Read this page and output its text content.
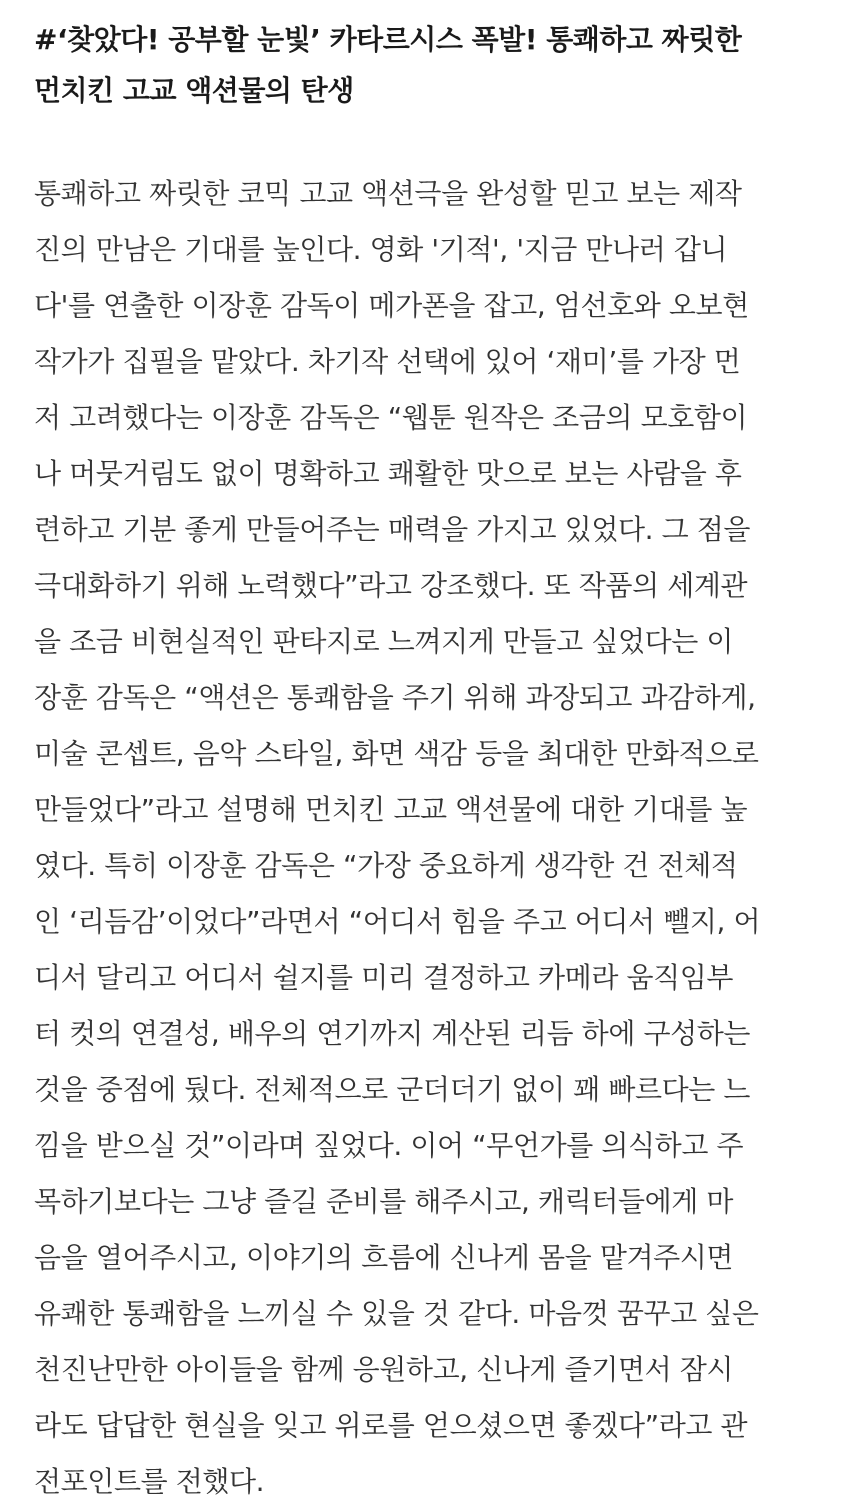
#‘찾았다! 공부할 눈빛’ 카타르시스 폭발! 통쾌하고 짜릿한
먼치킨 고교 액션물의 탄생
통쾌하고 짜릿한 코믹 고교 액션극을 완성할 믿고 보는 제작
진의 만남은 기대를 높인다. 영화 '기적', '지금 만나러 갑니
다'를 연출한 이장훈 감독이 메가폰을 잡고, 엄선호와 오보현
작가가 집필을 맡았다. 차기작 선택에 있어 ‘재미’를 가장 먼
저 고려했다는 이장훈 감독은 “웹툰 원작은 조금의 모호함이
나 머뭇거림도 없이 명확하고 쾌활한 맛으로 보는 사람을 후
련하고 기분 좋게 만들어주는 매력을 가지고 있었다. 그 점을
극대화하기 위해 노력했다”라고 강조했다. 또 작품의 세계관
을 조금 비현실적인 판타지로 느껴지게 만들고 싶었다는 이
장훈 감독은 “액션은 통쾌함을 주기 위해 과장되고 과감하게,
미술 콘셉트, 음악 스타일, 화면 색감 등을 최대한 만화적으로
만들었다”라고 설명해 먼치킨 고교 액션물에 대한 기대를 높
였다. 특히 이장훈 감독은 “가장 중요하게 생각한 건 전체적
인 ‘리듬감’이었다”라면서 “어디서 힘을 주고 어디서 뺄지, 어
디서 달리고 어디서 쉴지를 미리 결정하고 카메라 움직임부
터 컷의 연결성, 배우의 연기까지 계산된 리듬 하에 구성하는
것을 중점에 뒀다. 전체적으로 군더더기 없이 꽤 빠르다는 느
낌을 받으실 것”이라며 짚었다. 이어 “무언가를 의식하고 주
목하기보다는 그냥 즐길 준비를 해주시고, 캐릭터들에게 마
음을 열어주시고, 이야기의 흐름에 신나게 몸을 맡겨주시면
유쾌한 통쾌함을 느끼실 수 있을 것 같다. 마음껏 꿈꾸고 싶은
천진난만한 아이들을 함께 응원하고, 신나게 즐기면서 잠시
라도 답답한 현실을 잊고 위로를 얻으셨으면 좋겠다”라고 관
전포인트를 전했다.
